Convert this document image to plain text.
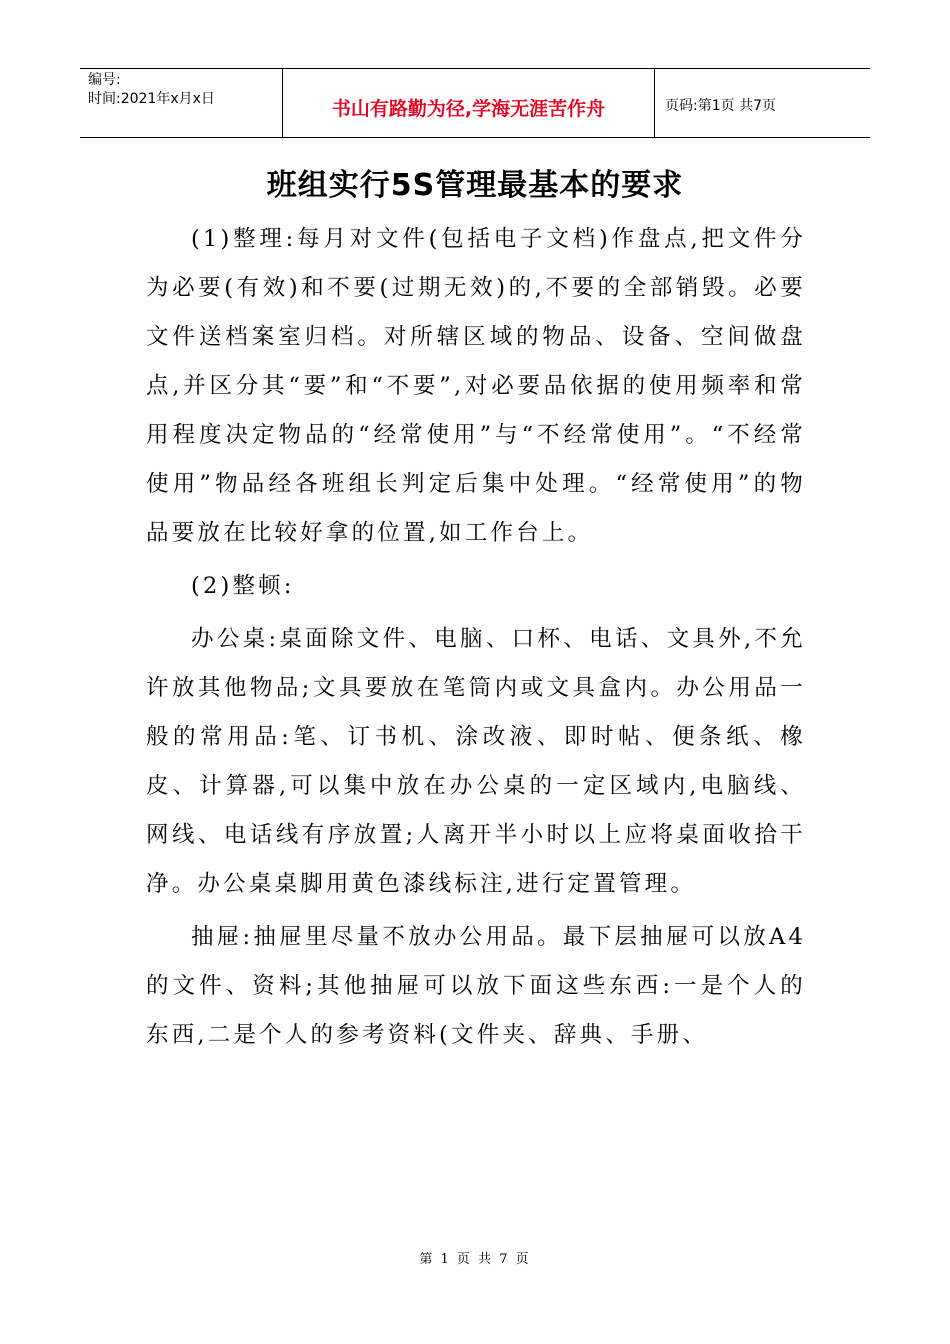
编号:
时间:2021年x月x日	书山有路勤为径,学海无涯苦作舟	页码:第1页 共7页
班组实行5S管理最基本的要求

(1)整理:每月对文件(包括电子文档)作盘点,把文件分为必要(有效)和不要(过期无效)的,不要的全部销毁。必要文件送档案室归档。对所辖区域的物品、设备、空间做盘点,并区分其“要”和“不要”,对必要品依据的使用频率和常用程度决定物品的“经常使用”与“不经常使用”。“不经常使用”物品经各班组长判定后集中处理。“经常使用”的物品要放在比较好拿的位置,如工作台上。

(2)整顿:

办公桌:桌面除文件、电脑、口杯、电话、文具外,不允许放其他物品;文具要放在笔筒内或文具盒内。办公用品一般的常用品:笔、订书机、涂改液、即时帖、便条纸、橡皮、计算器,可以集中放在办公桌的一定区域内,电脑线、网线、电话线有序放置;人离开半小时以上应将桌面收拾干净。办公桌桌脚用黄色漆线标注,进行定置管理。

抽屉:抽屉里尽量不放办公用品。最下层抽屉可以放A4的文件、资料;其他抽屉可以放下面这些东西:一是个人的东西,二是个人的参考资料(文件夹、辞典、手册、

第 1 页 共 7 页
